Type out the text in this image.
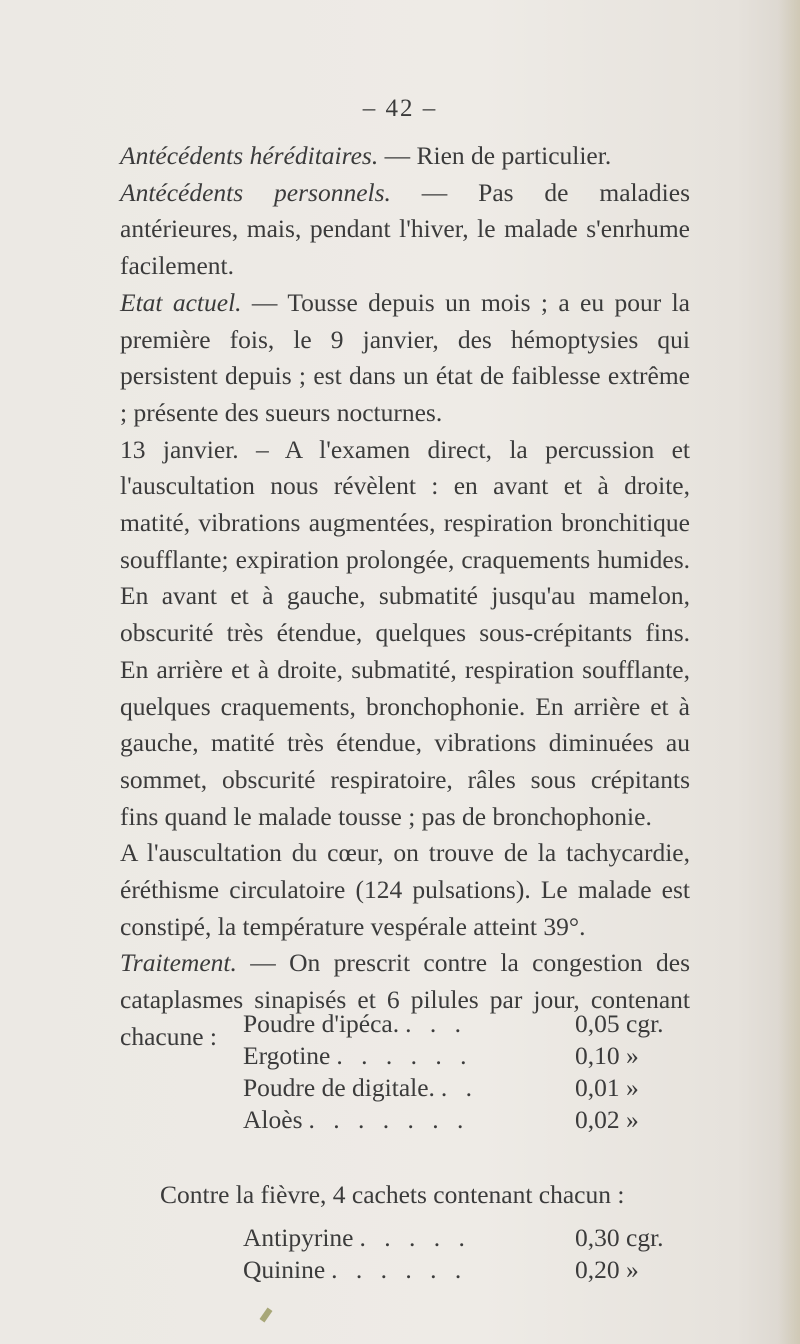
– 42 –

Antécédents héréditaires. — Rien de particulier.

Antécédents personnels. — Pas de maladies antérieures, mais, pendant l'hiver, le malade s'enrhume facilement.

Etat actuel. — Tousse depuis un mois ; a eu pour la première fois, le 9 janvier, des hémoptysies qui persistent depuis ; est dans un état de faiblesse extrême ; présente des sueurs nocturnes.

13 janvier. – A l'examen direct, la percussion et l'auscultation nous révèlent : en avant et à droite, matité, vibrations augmentées, respiration bronchitique soufflante; expiration prolongée, craquements humides. En avant et à gauche, submatité jusqu'au mamelon, obscurité très étendue, quelques sous-crépitants fins. En arrière et à droite, submatité, respiration soufflante, quelques craquements, bronchophonie. En arrière et à gauche, matité très étendue, vibrations diminuées au sommet, obscurité respiratoire, râles sous crépitants fins quand le malade tousse ; pas de bronchophonie.

A l'auscultation du cœur, on trouve de la tachycardie, éréthisme circulatoire (124 pulsations). Le malade est constipé, la température vespérale atteint 39°.

Traitement. — On prescrit contre la congestion des cataplasmes sinapisés et 6 pilules par jour, contenant chacune :	Poudre d'ipéca. . . .	0,05 cgr.
Ergotine . . . . . .	0,10 »
Poudre de digitale. . .	0,01 »
Aloès . . . . . . .	0,02 »
Contre la fièvre, 4 cachets contenant chacun :
Antipyrine . . . . .	0,30 cgr.
Quinine . . . . . .	0,20 »
